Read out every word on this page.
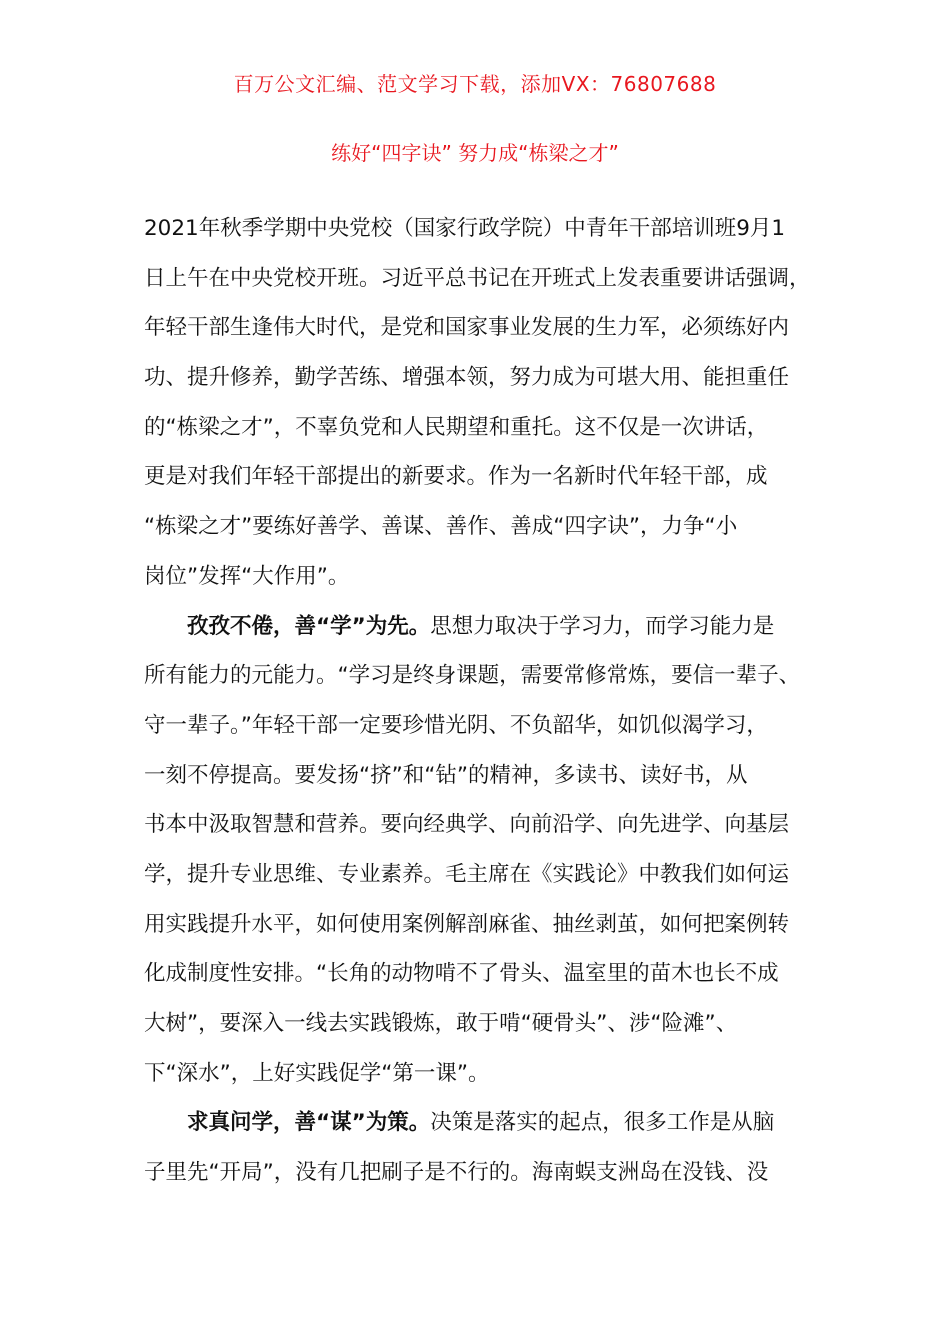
百万公文汇编、范文学习下载，添加VX：76807688
练好“四字诀” 努力成“栋梁之才”
2021年秋季学期中央党校（国家行政学院）中青年干部培训班9月1
日上午在中央党校开班。习近平总书记在开班式上发表重要讲话强调，
年轻干部生逢伟大时代，是党和国家事业发展的生力军，必须练好内
功、提升修养，勤学苦练、增强本领，努力成为可堪大用、能担重任
的“栋梁之才”，不辜负党和人民期望和重托。这不仅是一次讲话，
更是对我们年轻干部提出的新要求。作为一名新时代年轻干部，成
“栋梁之才”要练好善学、善谋、善作、善成“四字诀”，力争“小
岗位”发挥“大作用”。
孜孜不倦，善“学”为先。思想力取决于学习力，而学习能力是
所有能力的元能力。“学习是终身课题，需要常修常炼，要信一辈子、
守一辈子。”年轻干部一定要珍惜光阴、不负韶华，如饥似渴学习，
一刻不停提高。要发扬“挤”和“钻”的精神，多读书、读好书，从
书本中汲取智慧和营养。要向经典学、向前沿学、向先进学、向基层
学，提升专业思维、专业素养。毛主席在《实践论》中教我们如何运
用实践提升水平，如何使用案例解剖麻雀、抽丝剥茧，如何把案例转
化成制度性安排。“长角的动物啃不了骨头、温室里的苗木也长不成
大树”，要深入一线去实践锻炼，敢于啃“硬骨头”、涉“险滩”、
下“深水”，上好实践促学“第一课”。
求真问学，善“谋”为策。决策是落实的起点，很多工作是从脑
子里先“开局”，没有几把刷子是不行的。海南蜈支洲岛在没钱、没
